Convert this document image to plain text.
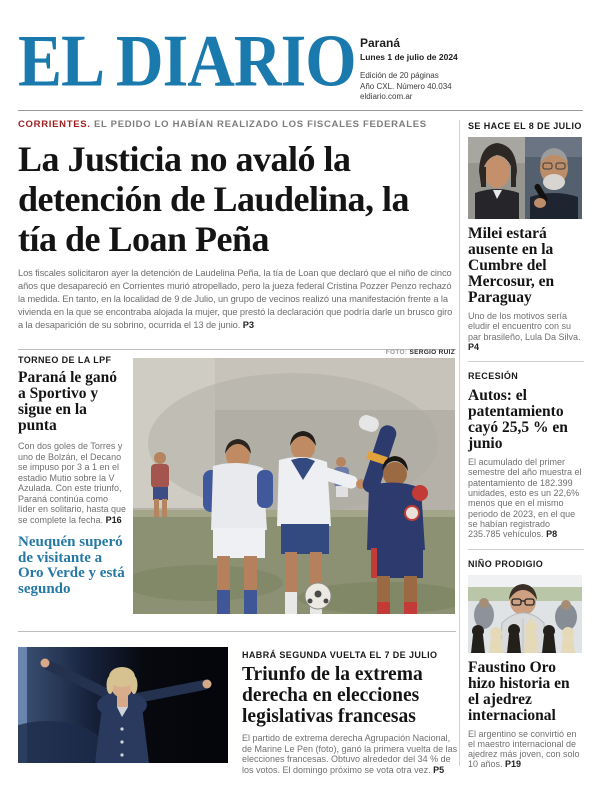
EL DIARIO Paraná
Lunes 1 de julio de 2024
Edición de 20 páginas
Año CXL. Número 40.034
eldiario.com.ar
CORRIENTES. EL PEDIDO LO HABÍAN REALIZADO LOS FISCALES FEDERALES
La Justicia no avaló la detención de Laudelina, la tía de Loan Peña
Los fiscales solicitaron ayer la detención de Laudelina Peña, la tía de Loan que declaró que el niño de cinco años que desapareció en Corrientes murió atropellado, pero la jueza federal Cristina Pozzer Penzo rechazó la medida. En tanto, en la localidad de 9 de Julio, un grupo de vecinos realizó una manifestación frente a la vivienda en la que se encontraba alojada la mujer, que prestó la declaración que podría darle un brusco giro a la desaparición de su sobrino, ocurrida el 13 de junio. P3
TORNEO DE LA LPF
Paraná le ganó a Sportivo y sigue en la punta
Con dos goles de Torres y uno de Bolzán, el Decano se impuso por 3 a 1 en el estadio Mutio sobre la V Azulada. Con este triunfo, Paraná continúa como líder en solitario, hasta que se complete la fecha. P16
Neuquén superó de visitante a Oro Verde y está segundo
FOTO: SERGIO RUIZ
HABRÁ SEGUNDA VUELTA EL 7 DE JULIO
Triunfo de la extrema derecha en elecciones legislativas francesas
El partido de extrema derecha Agrupación Nacional, de Marine Le Pen (foto), ganó la primera vuelta de las elecciones francesas. Obtuvo alrededor del 34 % de los votos. El domingo próximo se vota otra vez. P5
SE HACE EL 8 DE JULIO
Milei estará ausente en la Cumbre del Mercosur, en Paraguay
Uno de los motivos sería eludir el encuentro con su par brasileño, Lula Da Silva. P4
RECESIÓN
Autos: el patentamiento cayó 25,5 % en junio
El acumulado del primer semestre del año muestra el patentamiento de 182.399 unidades, esto es un 22,6% menos que en el mismo periodo de 2023, en el que se habían registrado 235.785 vehículos. P8
NIÑO PRODIGIO
Faustino Oro hizo historia en el ajedrez internacional
El argentino se convirtió en el maestro internacional de ajedrez más joven, con solo 10 años. P19
